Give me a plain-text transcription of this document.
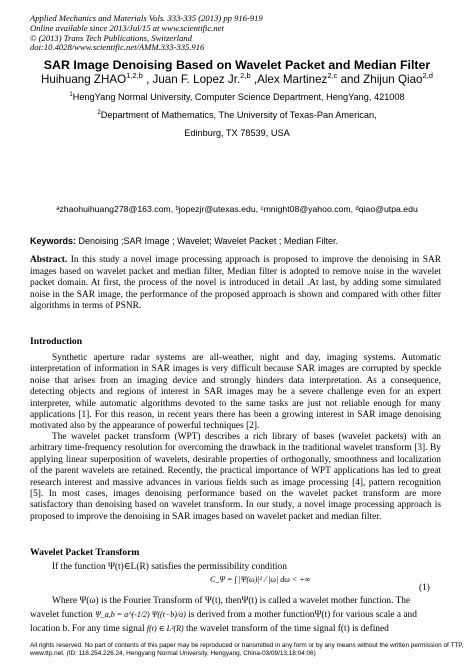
Applied Mechanics and Materials Vols. 333-335 (2013) pp 916-919
Online available since 2013/Jul/15 at www.scientific.net
© (2013) Trans Tech Publications, Switzerland
doi:10.4028/www.scientific.net/AMM.333-335.916
SAR Image Denoising Based on Wavelet Packet and Median Filter
Huihuang ZHAO$^{1,2,b}$ , Juan F. Lopez Jr.$^{2,b}$ ,Alex Martinez$^{2,c}$ and Zhijun Qiao$^{2,d}$
$^1$HengYang Normal University, Computer Science Department, HengYang, 421008
$^2$Department of Mathematics, The University of Texas-Pan American,
Edinburg, TX 78539, USA
ᵃzhaohuihuang278@163.com, ᵇjopezjr@utexas.edu, ᶜmnight08@yahoo.com, ᵈqiao@utpa.edu
Keywords: Denoising ;SAR Image ; Wavelet; Wavelet Packet ; Median Filter.
Abstract. In this study a novel image processing approach is proposed to improve the denoising in SAR images based on wavelet packet and median filter, Median filter is adopted to remove noise in the wavelet packet domain. At first, the process of the novel is introduced in detail .At last, by adding some simulated noise in the SAR image, the performance of the proposed approach is shown and compared with other filter algorithms in terms of PSNR.
Introduction
Synthetic aperture radar systems are all-weather, night and day, imaging systems. Automatic interpretation of information in SAR images is very difficult because SAR images are corrupted by speckle noise that arises from an imaging device and strongly hinders data interpretation. As a consequence, detecting objects and regions of interest in SAR images may be a severe challenge even for an expert interpreter, while automatic algorithms devoted to the same tasks are just not reliable enough for many applications [1]. For this reason, in recent years there has been a growing interest in SAR image denoising motivated also by the appearance of powerful techniques [2].
The wavelet packet transform (WPT) describes a rich library of bases (wavelet packets) with an arbitrary time-frequency resolution for overcoming the drawback in the traditional wavelet transform [3]. By applying linear superposition of wavelets, desirable properties of orthogonally, smoothness and localization of the parent wavelets are retained. Recently, the practical importance of WPT applications has led to great research interest and massive advances in various fields such as image processing [4], pattern recognition [5]. In most cases, images denoising performance based on the wavelet packet transform are more satisfactory than denoising based on wavelet transform. In our study, a novel image processing approach is proposed to improve the denoising in SAR images based on wavelet packet and median filter.
Wavelet Packet Transform
If the function Ψ(t)∈L(R) satisfies the permissibility condition
C_Ψ = ∫ |Ψ(ω)|² / |ω| dω < +∞
(1)
Where Ψ(ω) is the Fourier Transform of Ψ(t), thenΨ(t) is called a wavelet mother function. The
wavelet function Ψ_a,b = a^(-1/2) Ψ((t−b)/a) is derived from a mother functionΨ(t) for various scale a and
location b. For any time signal f(t) ∈ L²(R) the wavelet transform of the time signal f(t) is defined
All rights reserved. No part of contents of this paper may be reproduced or transmitted in any form or by any means without the written permission of TTP,
www.ttp.net. (ID: 118.254.226.24, Hengyang Normal University, Hengyang, China-03/09/13,18:04:06)
